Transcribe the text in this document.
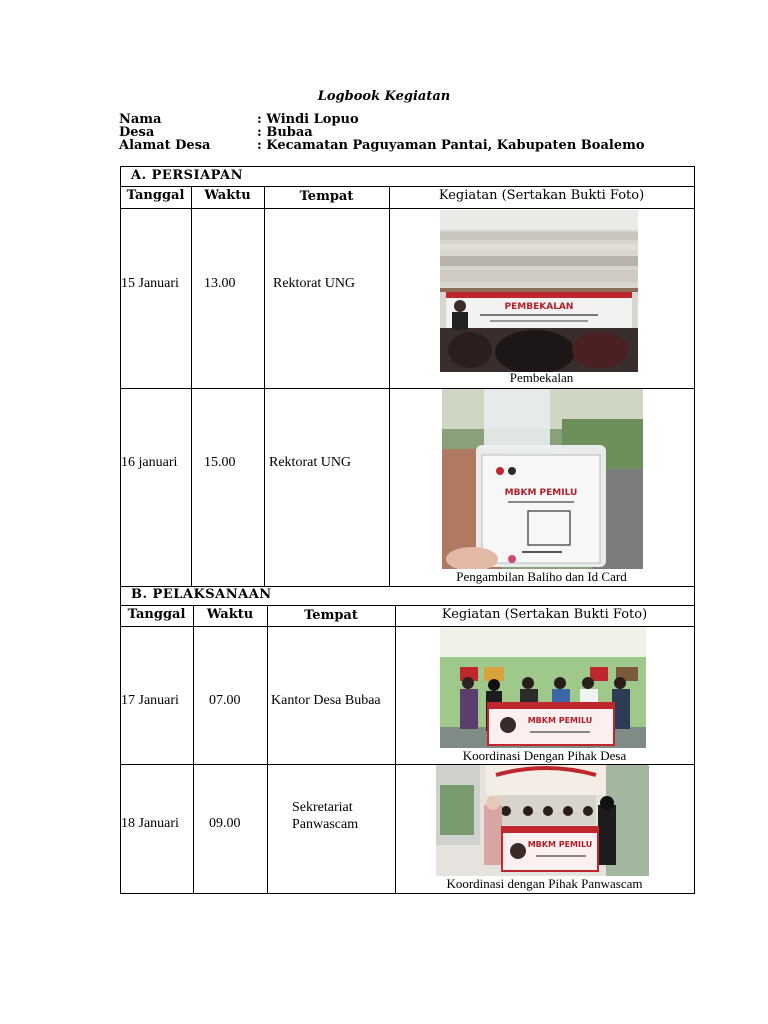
Logbook Kegiatan
Nama	: Windi Lopuo
Desa	: Bubaa
Alamat Desa	: Kecamatan Paguyaman Pantai, Kabupaten Boalemo
A. PERSIAPAN
Tanggal	Waktu	Tempat	Kegiatan (Sertakan Bukti Foto)
15 Januari 13.00	Rektorat UNG
PEMBEKALAN
Pembekalan
16 januari 15.00 Rektorat UNG
MBKM PEMILU
Pengambilan Baliho dan Id Card
B. PELAKSANAAN
Tanggal	Waktu	Tempat	Kegiatan (Sertakan Bukti Foto)
17 Januari 07.00 Kantor Desa Bubaa
MBKM PEMILU
Koordinasi Dengan Pihak Desa
18 Januari 09.00
Sekretariat Panwascam
MBKM PEMILU
Koordinasi dengan Pihak Panwascam
